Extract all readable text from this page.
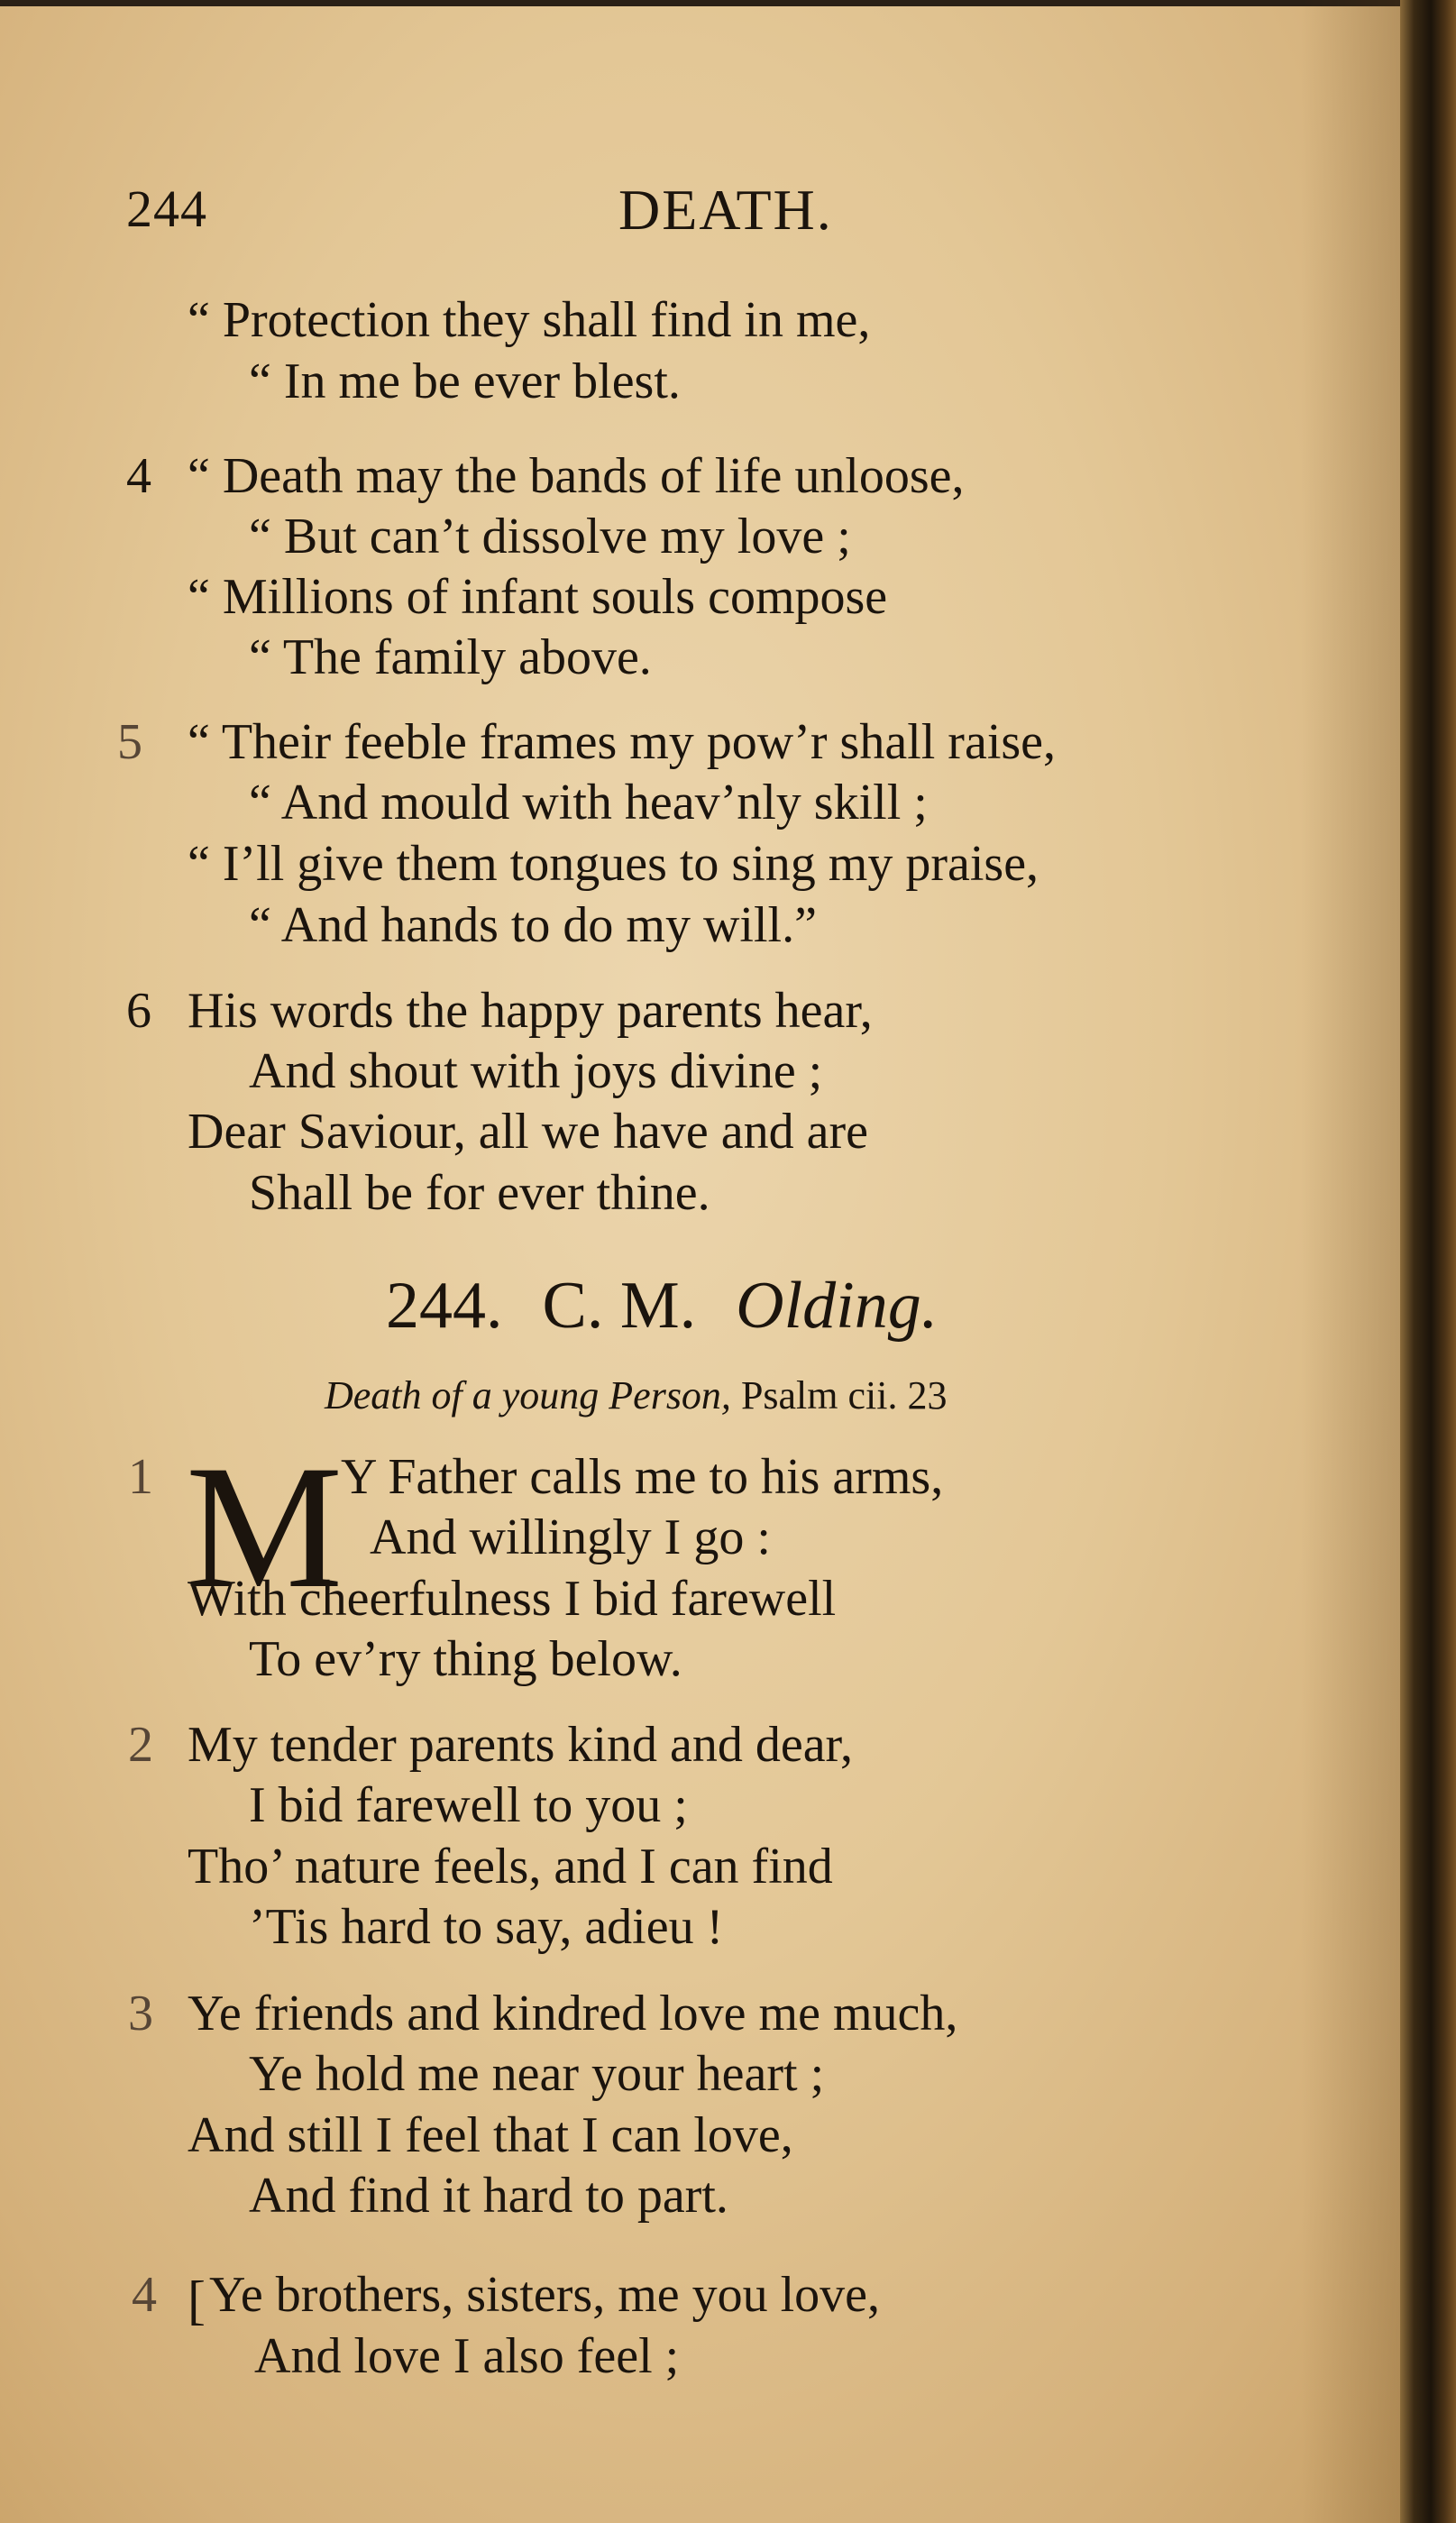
244	DEATH.
“ Protection they shall find in me,
“ In me be ever blest.
4 “ Death may the bands of life unloose,
“ But can’t dissolve my love ;
“ Millions of infant souls compose
“ The family above.
5 “ Their feeble frames my pow’r shall raise,
“ And mould with heav’nly skill ;
“ I’ll give them tongues to sing my praise,
“ And hands to do my will.”
6 His words the happy parents hear,
And shout with joys divine ;
Dear Saviour, all we have and are
Shall be for ever thine.
244. C. M. Olding.
Death of a young Person, Psalm cii. 23
1 M
Y Father calls me to his arms,
And willingly I go :
With cheerfulness I bid farewell
To ev’ry thing below.
2 My tender parents kind and dear,
I bid farewell to you ;
Tho’ nature feels, and I can find
’Tis hard to say, adieu !
3 Ye friends and kindred love me much,
Ye hold me near your heart ;
And still I feel that I can love,
And find it hard to part.
4 [ Ye brothers, sisters, me you love,
And love I also feel ;
